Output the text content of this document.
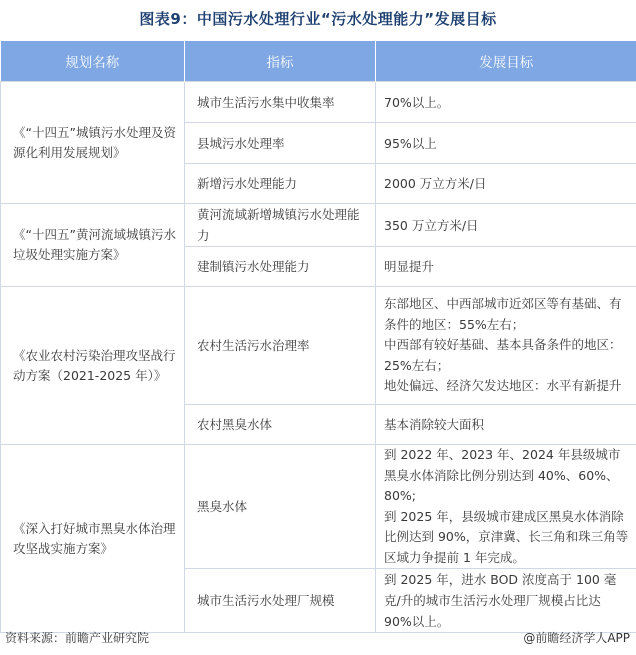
图表9：中国污水处理行业“污水处理能力”发展目标
规划名称	指标	发展目标
《“十四五”城镇污水处理及资源化利用发展规划》	城市生活污水集中收集率	70%以上。
	县城污水处理率	95%以上
	新增污水处理能力	2000 万立方米/日
《“十四五”黄河流域城镇污水垃圾处理实施方案》	黄河流域新增城镇污水处理能力	350 万立方米/日
	建制镇污水处理能力	明显提升
《农业农村污染治理攻坚战行动方案（2021-2025 年）》	农村生活污水治理率	东部地区、中西部城市近郊区等有基础、有条件的地区：55%左右；
中西部有较好基础、基本具备条件的地区：25%左右；
地处偏远、经济欠发达地区：水平有新提升

	农村黑臭水体	基本消除较大面积
《深入打好城市黑臭水体治理攻坚战实施方案》	黑臭水体	到 2022 年、2023 年、2024 年县级城市黑臭水体消除比例分别达到 40%、60%、80%;
到 2025 年，县级城市建成区黑臭水体消除比例达到 90%，京津冀、长三角和珠三角等区域力争提前 1 年完成。

	城市生活污水处理厂规模	到 2025 年，进水 BOD 浓度高于 100 毫克/升的城市生活污水处理厂规模占比达 90%以上。
资料来源：前瞻产业研究院	@前瞻经济学人APP
